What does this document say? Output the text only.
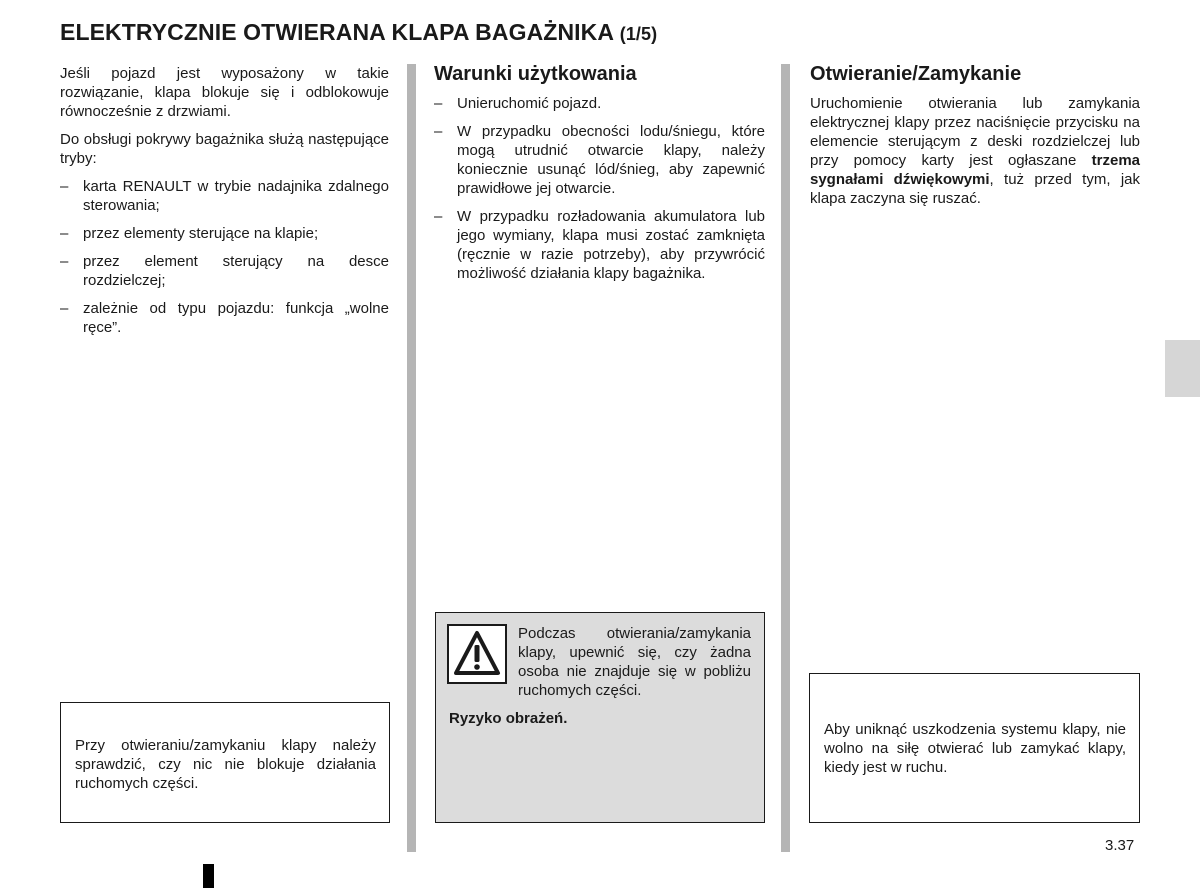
ELEKTRYCZNIE OTWIERANA KLAPA BAGAŻNIKA (1/5)

Jeśli pojazd jest wyposażony w takie rozwiązanie, klapa blokuje się i odblokowuje równocześnie z drzwiami.

Do obsługi pokrywy bagażnika służą następujące tryby:

– karta RENAULT w trybie nadajnika zdalnego sterowania;
– przez elementy sterujące na klapie;
– przez element sterujący na desce rozdzielczej;
– zależnie od typu pojazdu: funkcja „wolne ręce”.
Warunki użytkowania
– Unieruchomić pojazd.
– W przypadku obecności lodu/śniegu, które mogą utrudnić otwarcie klapy, należy koniecznie usunąć lód/śnieg, aby zapewnić prawidłowe jej otwarcie.
– W przypadku rozładowania akumulatora lub jego wymiany, klapa musi zostać zamknięta (ręcznie w razie potrzeby), aby przywrócić możliwość działania klapy bagażnika.
Otwieranie/Zamykanie

Uruchomienie otwierania lub zamykania elektrycznej klapy przez naciśnięcie przycisku na elemencie sterującym z deski rozdzielczej lub przy pomocy karty jest ogłaszane trzema sygnałami dźwiękowymi, tuż przed tym, jak klapa zaczyna się ruszać.

Przy otwieraniu/zamykaniu klapy należy sprawdzić, czy nic nie blokuje działania ruchomych części.

Podczas otwierania/zamykania klapy, upewnić się, czy żadna osoba nie znajduje się w pobliżu ruchomych części.

Ryzyko obrażeń.

Aby uniknąć uszkodzenia systemu klapy, nie wolno na siłę otwierać lub zamykać klapy, kiedy jest w ruchu.

3.37
